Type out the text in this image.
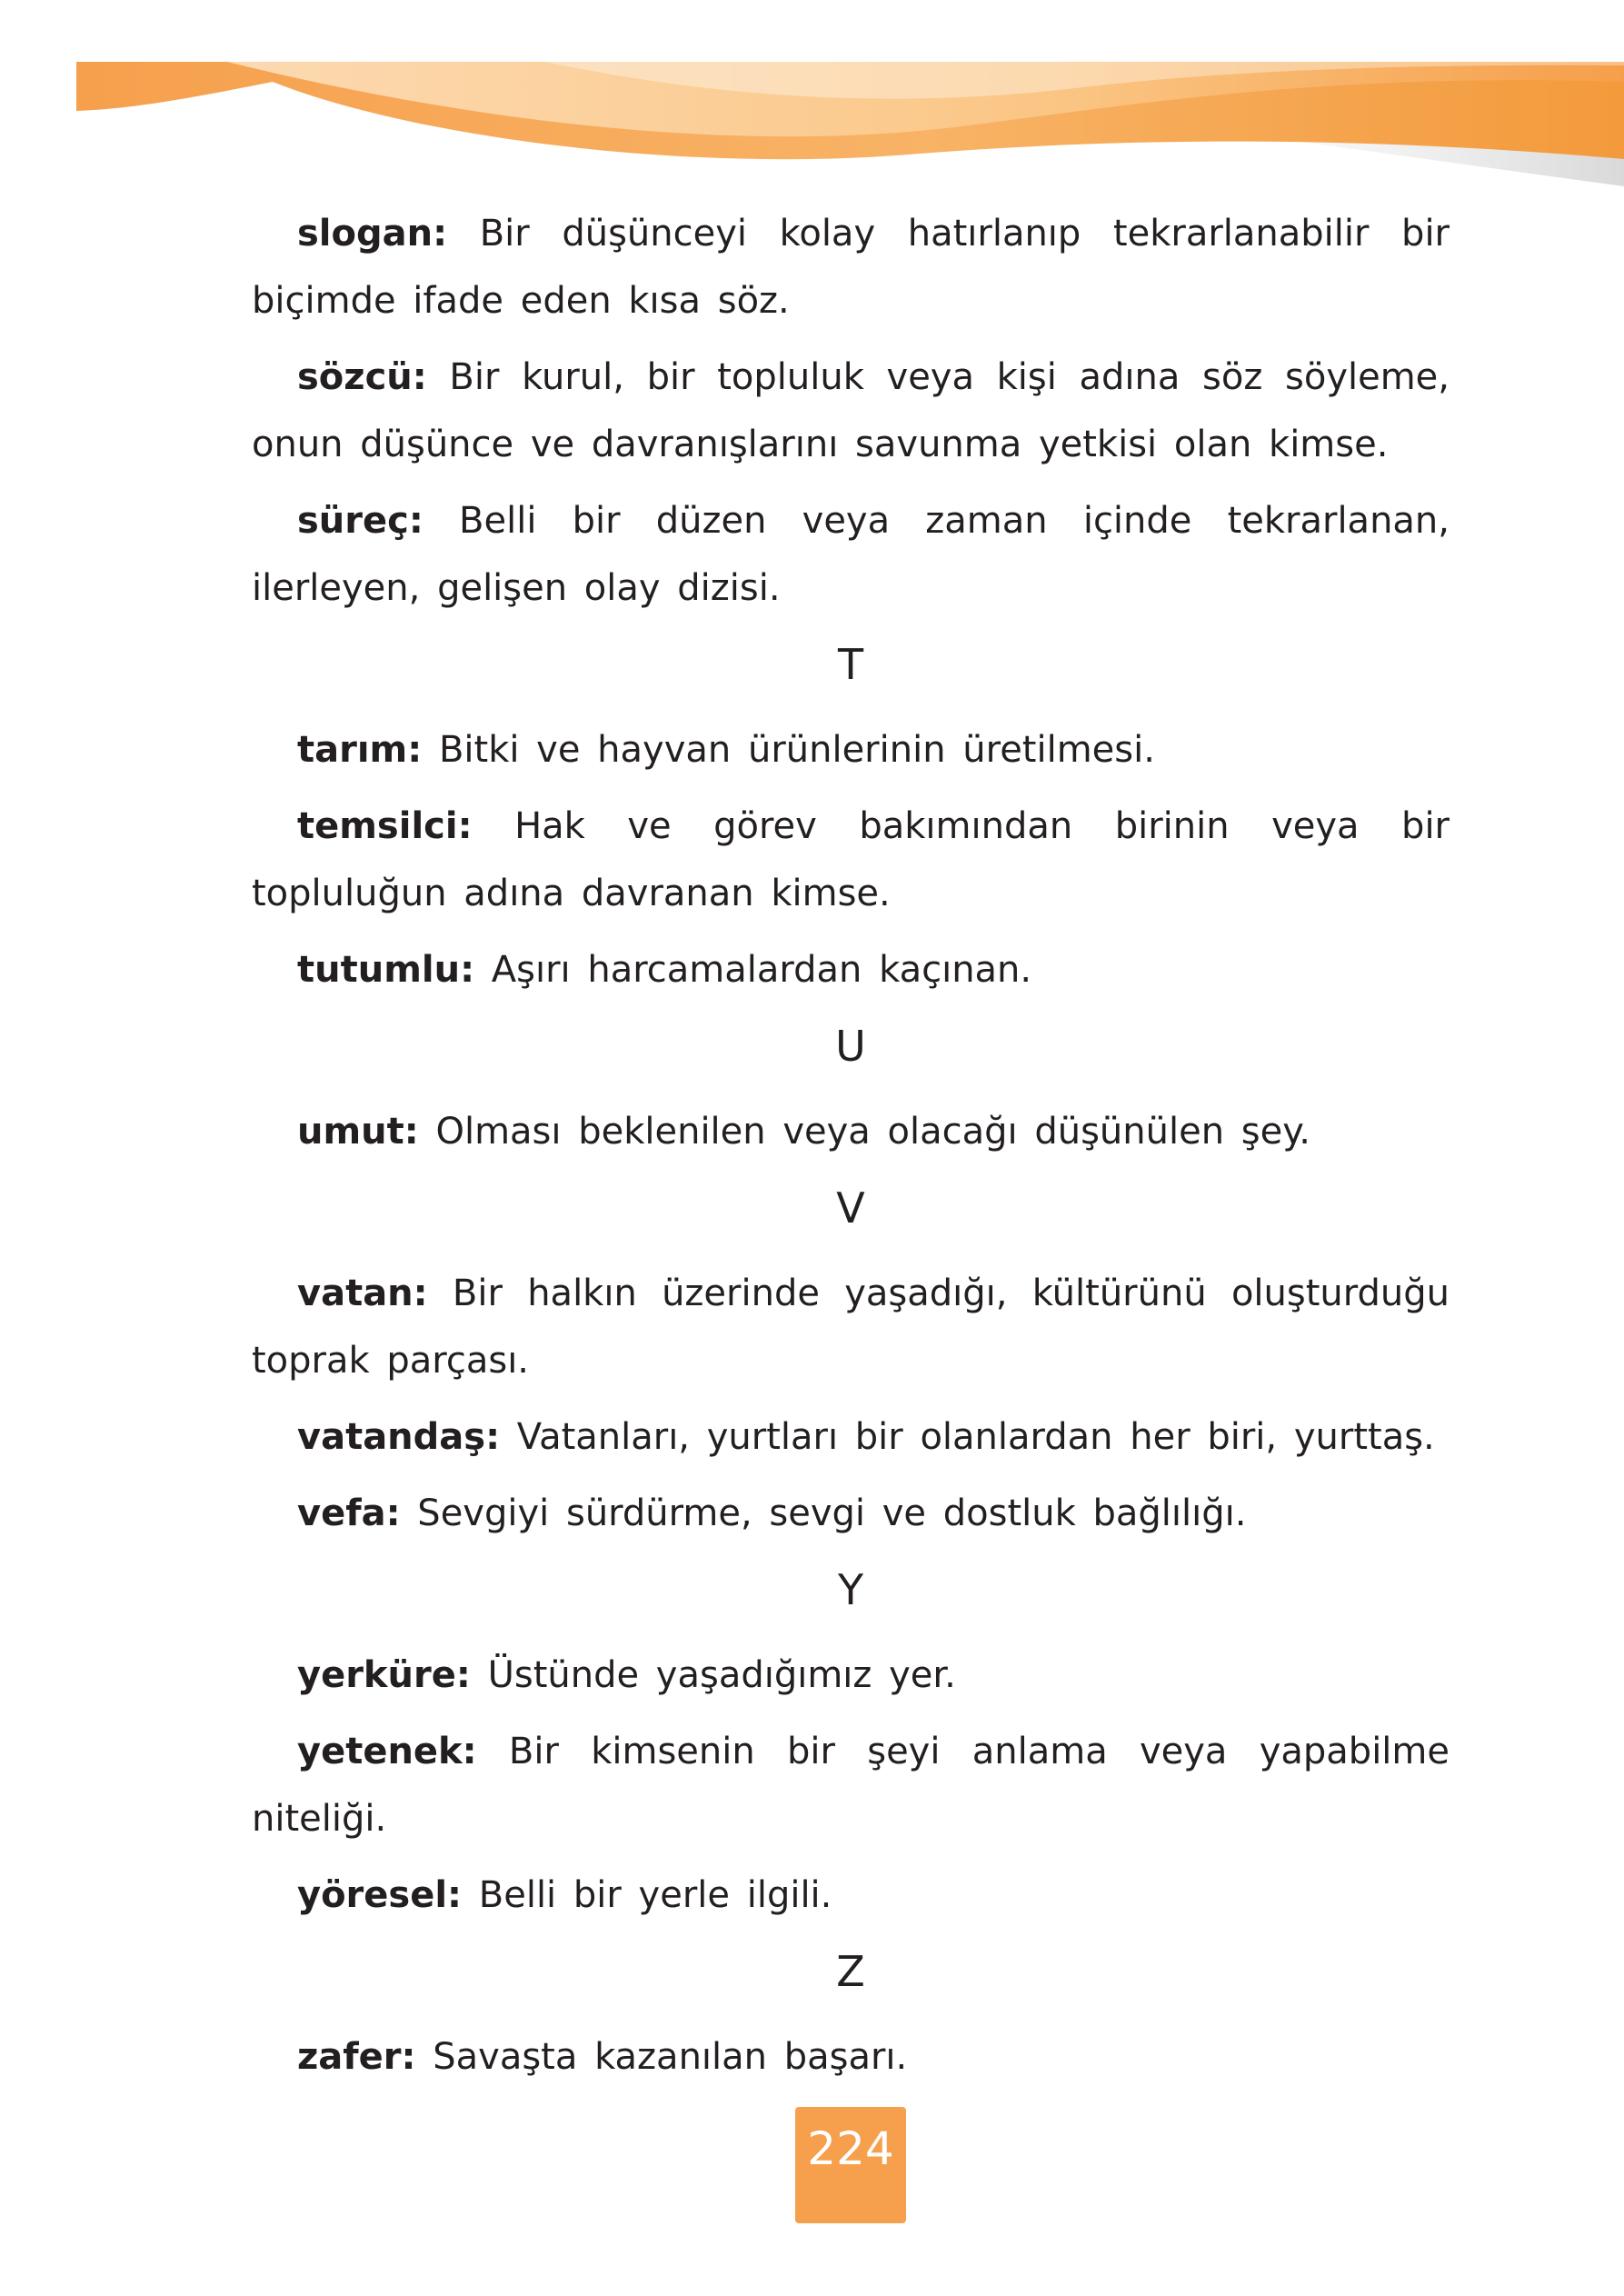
slogan: Bir düşünceyi kolay hatırlanıp tekrarlanabilir bir biçimde ifade eden kısa söz.

sözcü: Bir kurul, bir topluluk veya kişi adına söz söyleme, onun düşünce ve davranışlarını savunma yetkisi olan kimse.

süreç: Belli bir düzen veya zaman içinde tekrarlanan, ilerleyen, gelişen olay dizisi.

T

tarım: Bitki ve hayvan ürünlerinin üretilmesi.

temsilci: Hak ve görev bakımından birinin veya bir topluluğun adına davranan kimse.

tutumlu: Aşırı harcamalardan kaçınan.

U

umut: Olması beklenilen veya olacağı düşünülen şey.

V

vatan: Bir halkın üzerinde yaşadığı, kültürünü oluşturduğu toprak parçası.

vatandaş: Vatanları, yurtları bir olanlardan her biri, yurttaş.

vefa: Sevgiyi sürdürme, sevgi ve dostluk bağlılığı.

Y

yerküre: Üstünde yaşadığımız yer.

yetenek: Bir kimsenin bir şeyi anlama veya yapabilme niteliği.

yöresel: Belli bir yerle ilgili.

Z

zafer: Savaşta kazanılan başarı.

224
